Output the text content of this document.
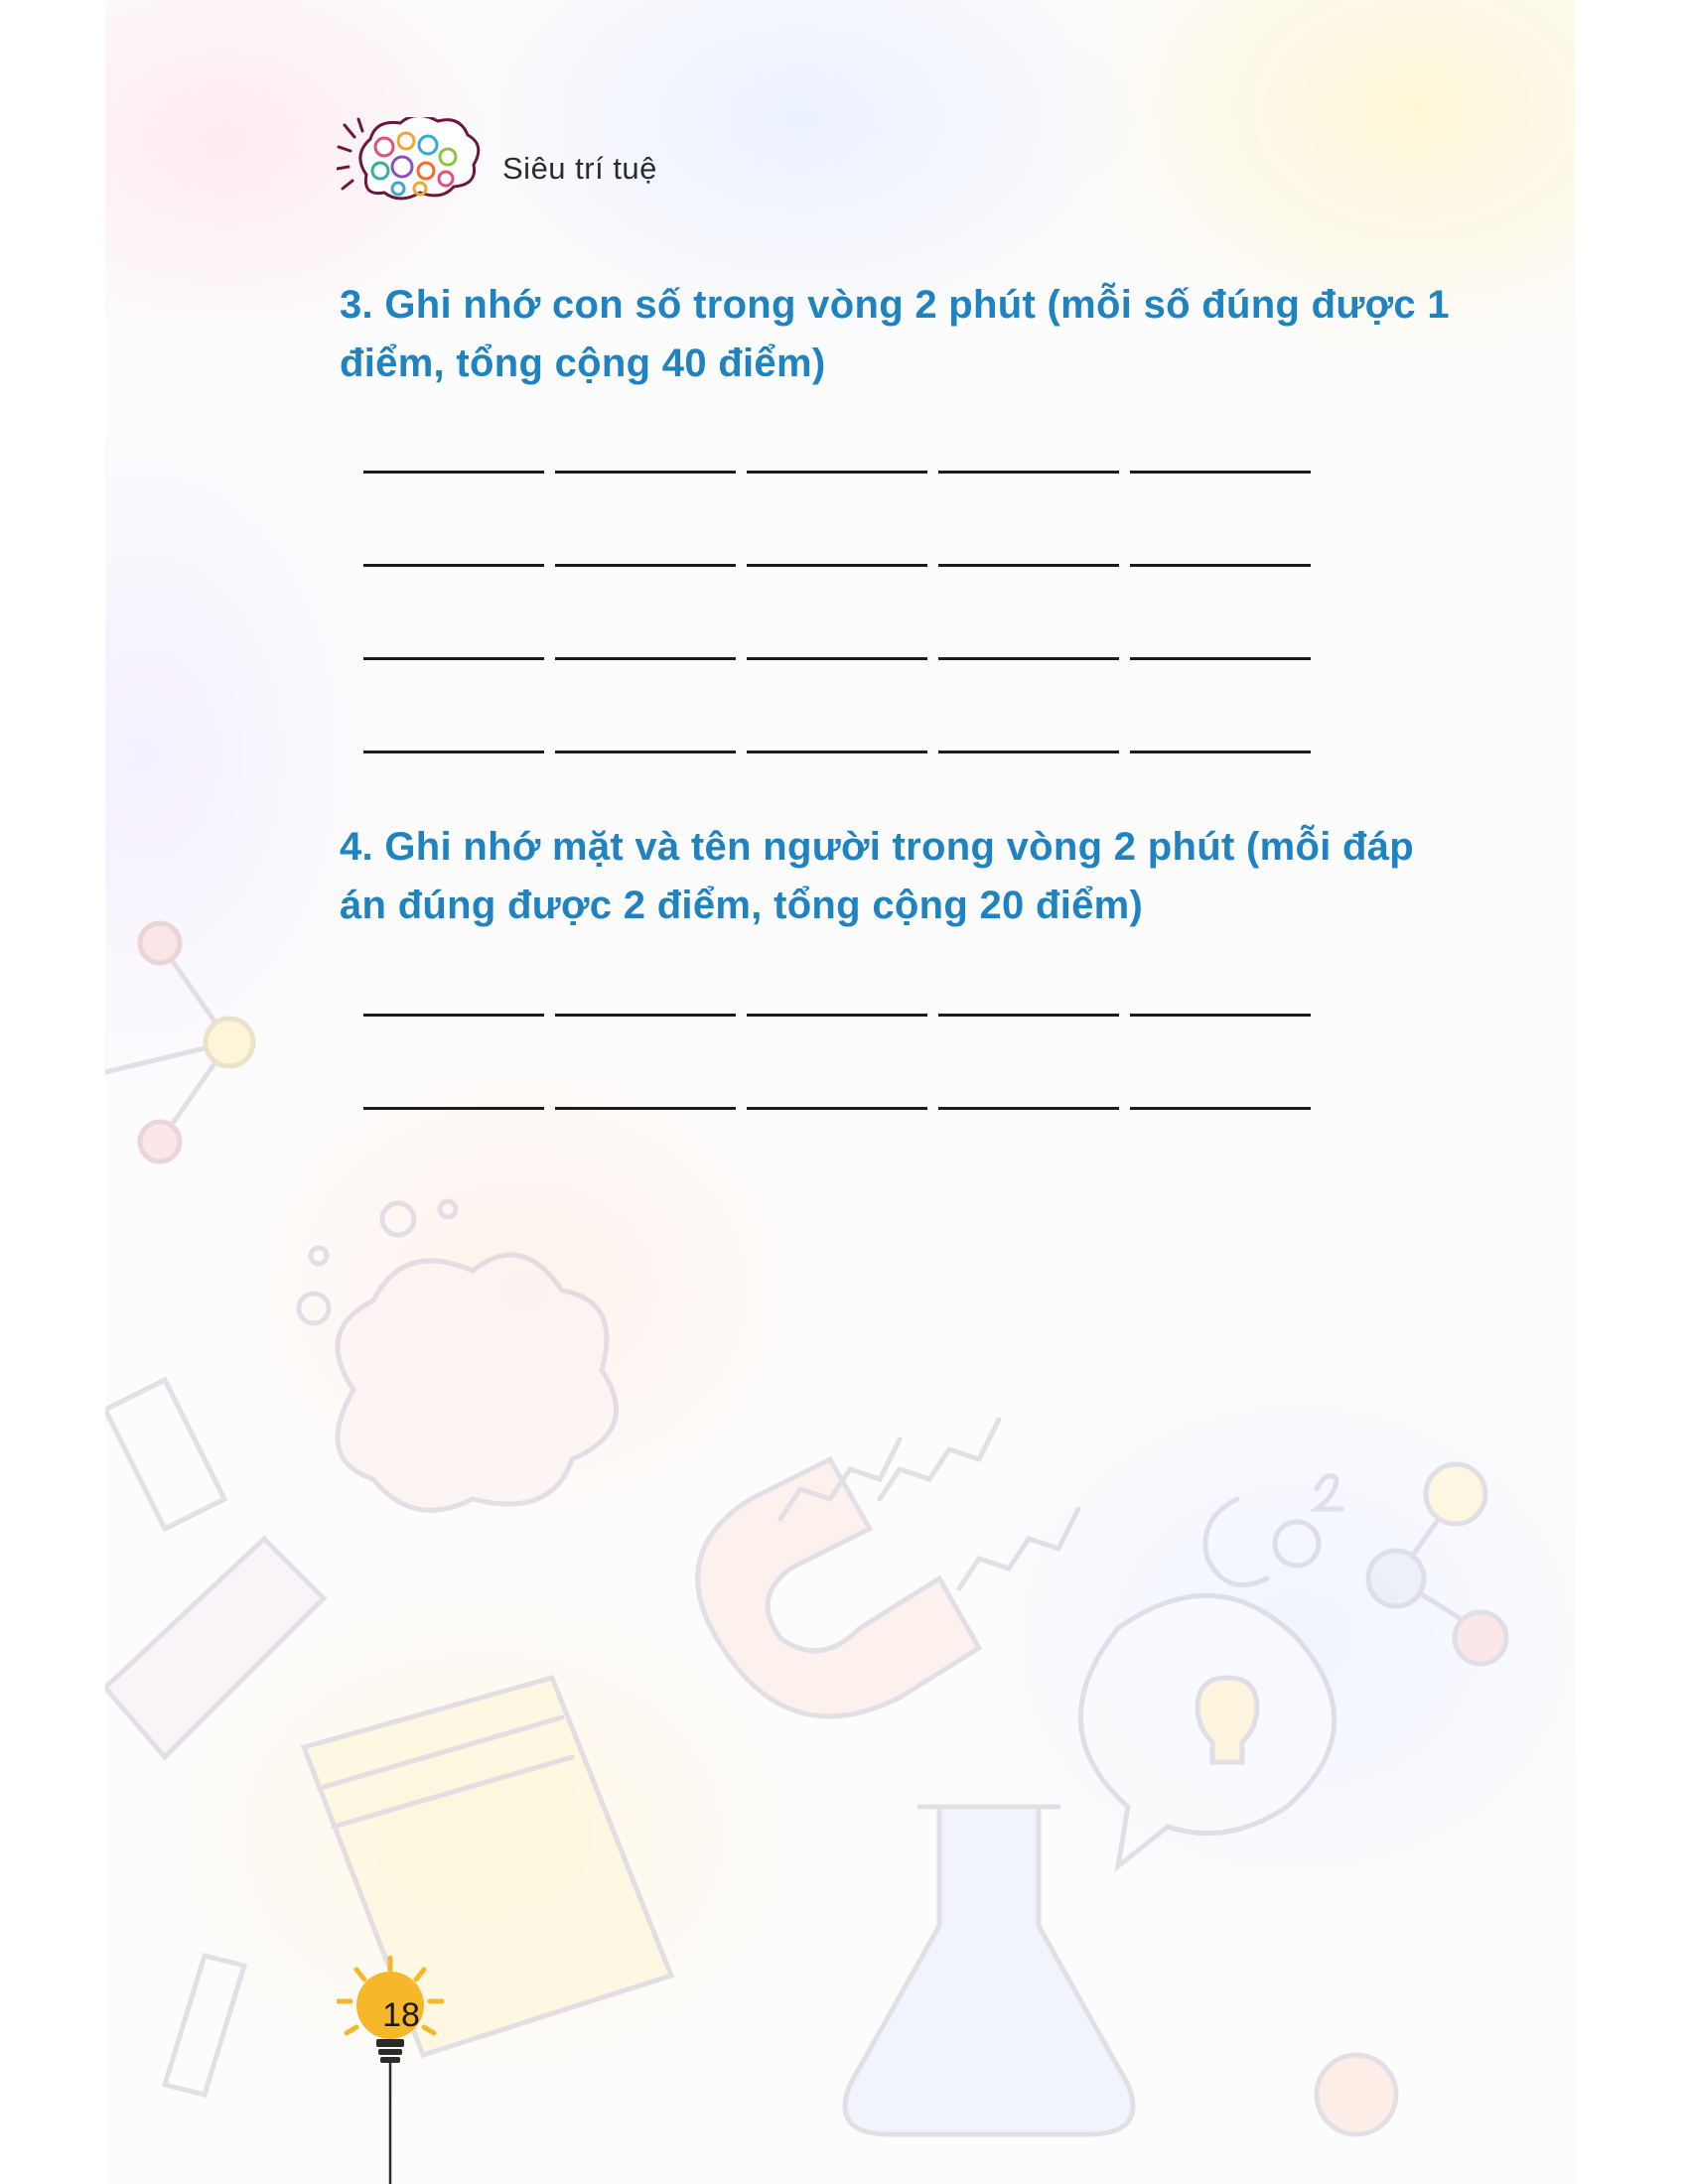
Siêu trí tuệ

3. Ghi nhớ con số trong vòng 2 phút (mỗi số đúng được 1 điểm, tổng cộng 40 điểm)

4. Ghi nhớ mặt và tên người trong vòng 2 phút (mỗi đáp án đúng được 2 điểm, tổng cộng 20 điểm)

18
